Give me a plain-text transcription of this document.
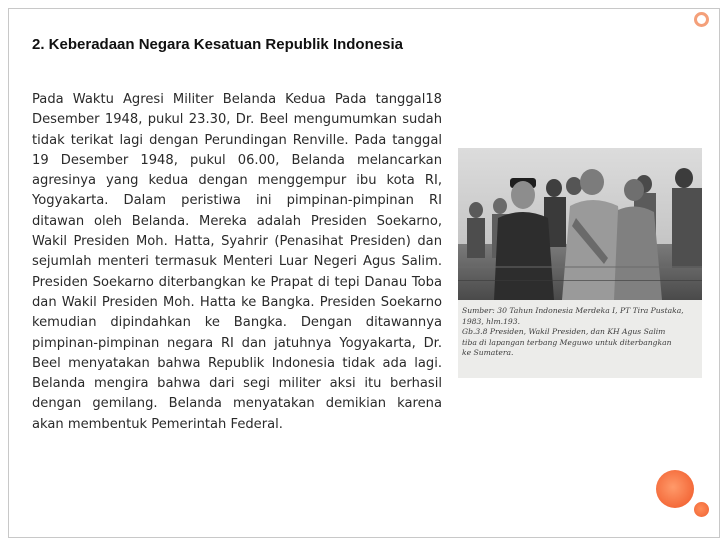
2. Keberadaan Negara Kesatuan Republik Indonesia

Pada Waktu Agresi Militer Belanda Kedua Pada tanggal18 Desember 1948, pukul 23.30, Dr. Beel mengumumkan sudah tidak terikat lagi dengan Perundingan Renville. Pada tanggal 19 Desember 1948, pukul 06.00, Belanda melancarkan agresinya yang kedua dengan menggempur ibu kota RI, Yogyakarta. Dalam peristiwa ini pimpinan-pimpinan RI ditawan oleh Belanda. Mereka adalah Presiden Soekarno, Wakil Presiden Moh. Hatta, Syahrir (Penasihat Presiden) dan sejumlah menteri termasuk Menteri Luar Negeri Agus Salim. Presiden Soekarno diterbangkan ke Prapat di tepi Danau Toba dan Wakil Presiden Moh. Hatta ke Bangka. Presiden Soekarno kemudian dipindahkan ke Bangka. Dengan ditawannya pimpinan-pimpinan negara RI dan jatuhnya Yogyakarta, Dr. Beel menyatakan bahwa Republik Indonesia tidak ada lagi. Belanda mengira bahwa dari segi militer aksi itu berhasil dengan gemilang. Belanda menyatakan demikian karena akan membentuk Pemerintah Federal.

Sumber: 30 Tahun Indonesia Merdeka I, PT Tira Pustaka,

1983, hlm.193.

Gb.3.8 Presiden, Wakil Presiden, dan KH Agus Salim

tiba di lapangan terbang Meguwo untuk diterbangkan

ke Sumatera.
